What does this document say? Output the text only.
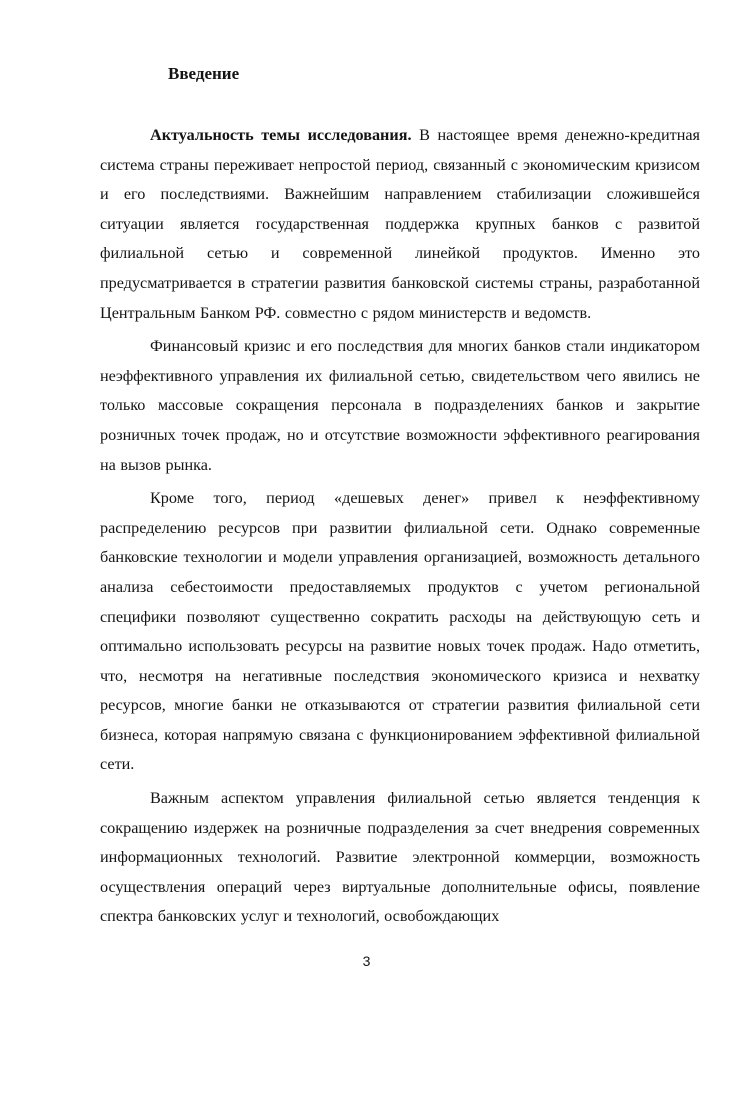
Введение

Актуальность темы исследования. В настоящее время денежно-кредитная система страны переживает непростой период, связанный с экономическим кризисом и его последствиями. Важнейшим направлением стабилизации сложившейся ситуации является государственная поддержка крупных банков с развитой филиальной сетью и современной линейкой продуктов. Именно это предусматривается в стратегии развития банковской системы страны, разработанной Центральным Банком РФ. совместно с рядом министерств и ведомств.

Финансовый кризис и его последствия для многих банков стали индикатором неэффективного управления их филиальной сетью, свидетельством чего явились не только массовые сокращения персонала в подразделениях банков и закрытие розничных точек продаж, но и отсутствие возможности эффективного реагирования на вызов рынка.

Кроме того, период «дешевых денег» привел к неэффективному распределению ресурсов при развитии филиальной сети. Однако современные банковские технологии и модели управления организацией, возможность детального анализа себестоимости предоставляемых продуктов с учетом региональной специфики позволяют существенно сократить расходы на действующую сеть и оптимально использовать ресурсы на развитие новых точек продаж. Надо отметить, что, несмотря на негативные последствия экономического кризиса и нехватку ресурсов, многие банки не отказываются от стратегии развития филиальной сети бизнеса, которая напрямую связана с функционированием эффективной филиальной сети.

Важным аспектом управления филиальной сетью является тенденция к сокращению издержек на розничные подразделения за счет внедрения современных информационных технологий. Развитие электронной коммерции, возможность осуществления операций через виртуальные дополнительные офисы, появление спектра банковских услуг и технологий, освобождающих

3
